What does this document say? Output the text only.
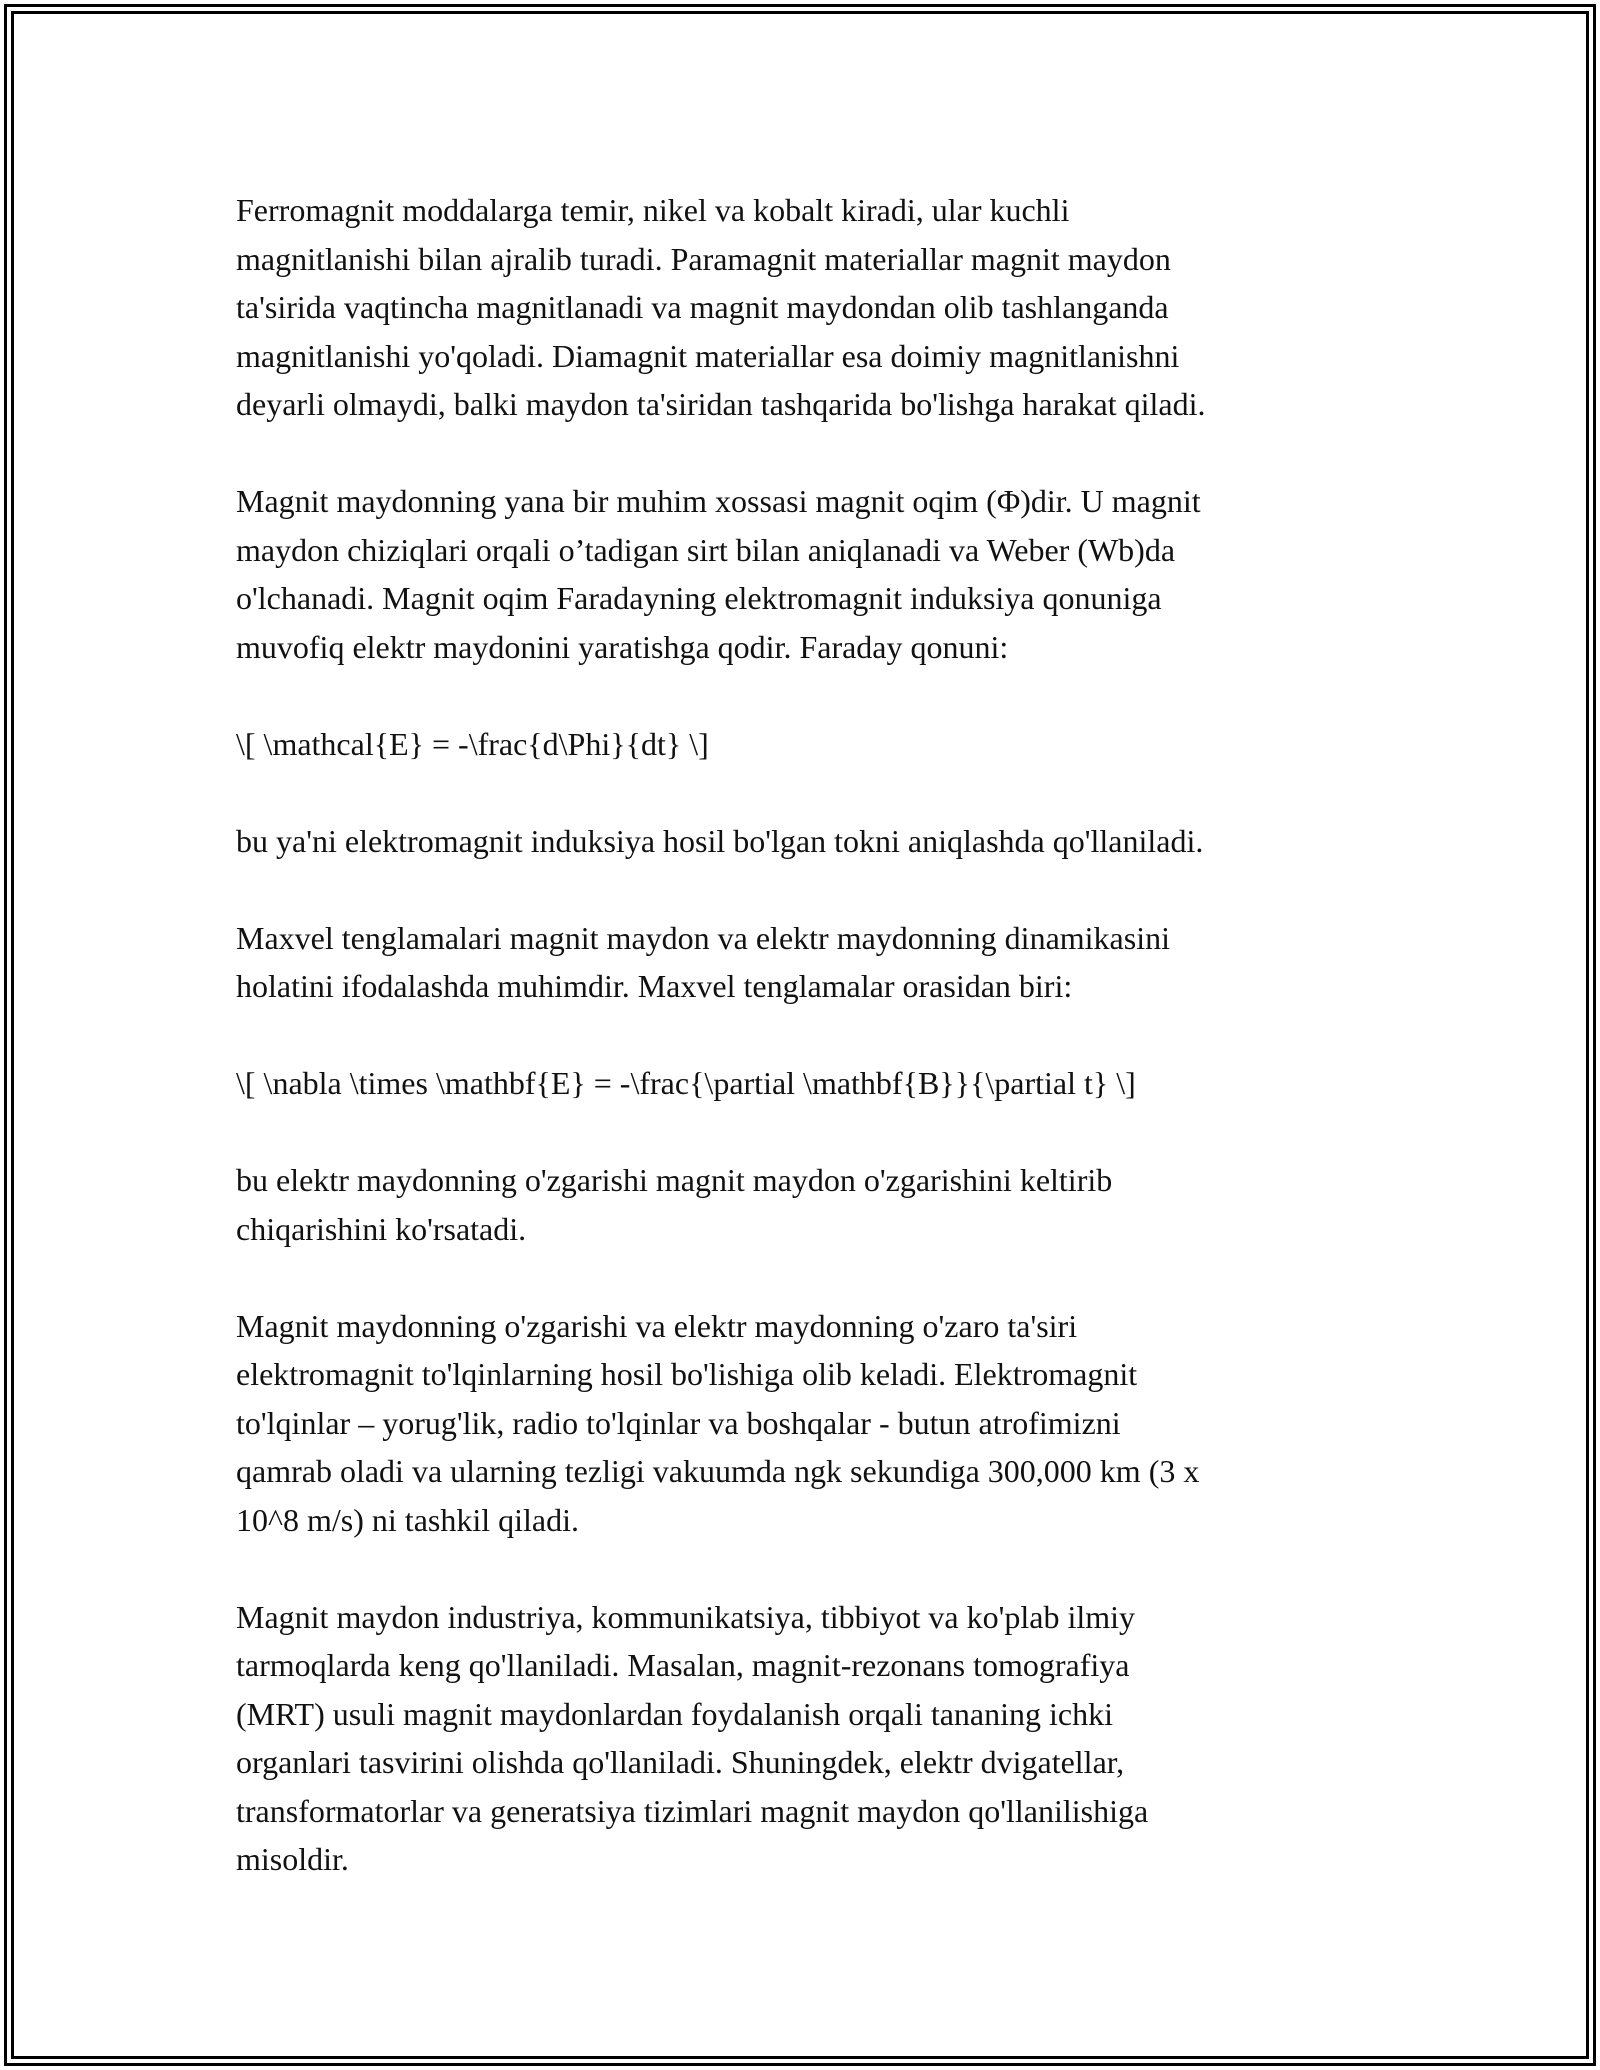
Ferromagnit moddalarga temir, nikel va kobalt kiradi, ular kuchli
magnitlanishi bilan ajralib turadi. Paramagnit materiallar magnit maydon
ta'sirida vaqtincha magnitlanadi va magnit maydondan olib tashlanganda
magnitlanishi yo'qoladi. Diamagnit materiallar esa doimiy magnitlanishni
deyarli olmaydi, balki maydon ta'siridan tashqarida bo'lishga harakat qiladi.

Magnit maydonning yana bir muhim xossasi magnit oqim (Φ)dir. U magnit
maydon chiziqlari orqali o’tadigan sirt bilan aniqlanadi va Weber (Wb)da
o'lchanadi. Magnit oqim Faradayning elektromagnit induksiya qonuniga
muvofiq elektr maydonini yaratishga qodir. Faraday qonuni:

\[ \mathcal{E} = -\frac{d\Phi}{dt} \]

bu ya'ni elektromagnit induksiya hosil bo'lgan tokni aniqlashda qo'llaniladi.

Maxvel tenglamalari magnit maydon va elektr maydonning dinamikasini
holatini ifodalashda muhimdir. Maxvel tenglamalar orasidan biri:

\[ \nabla \times \mathbf{E} = -\frac{\partial \mathbf{B}}{\partial t} \]

bu elektr maydonning o'zgarishi magnit maydon o'zgarishini keltirib
chiqarishini ko'rsatadi.

Magnit maydonning o'zgarishi va elektr maydonning o'zaro ta'siri
elektromagnit to'lqinlarning hosil bo'lishiga olib keladi. Elektromagnit
to'lqinlar – yorug'lik, radio to'lqinlar va boshqalar - butun atrofimizni
qamrab oladi va ularning tezligi vakuumda ngk sekundiga 300,000 km (3 x
10^8 m/s) ni tashkil qiladi.

Magnit maydon industriya, kommunikatsiya, tibbiyot va ko'plab ilmiy
tarmoqlarda keng qo'llaniladi. Masalan, magnit-rezonans tomografiya
(MRT) usuli magnit maydonlardan foydalanish orqali tananing ichki
organlari tasvirini olishda qo'llaniladi. Shuningdek, elektr dvigatellar,
transformatorlar va generatsiya tizimlari magnit maydon qo'llanilishiga
misoldir.
